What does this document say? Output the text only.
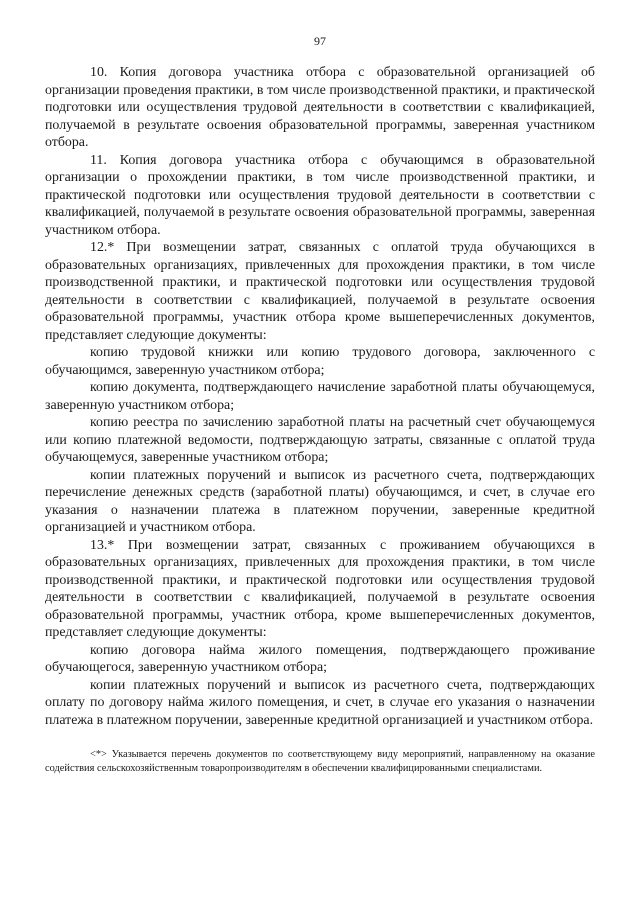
97

10. Копия договора участника отбора с образовательной организацией об организации проведения практики, в том числе производственной практики, и практической подготовки или осуществления трудовой деятельности в соответствии с квалификацией, получаемой в результате освоения образовательной программы, заверенная участником отбора.

11. Копия договора участника отбора с обучающимся в образовательной организации о прохождении практики, в том числе производственной практики, и практической подготовки или осуществления трудовой деятельности в соответствии с квалификацией, получаемой в результате освоения образовательной программы, заверенная участником отбора.

12.* При возмещении затрат, связанных с оплатой труда обучающихся в образовательных организациях, привлеченных для прохождения практики, в том числе производственной практики, и практической подготовки или осуществления трудовой деятельности в соответствии с квалификацией, получаемой в результате освоения образовательной программы, участник отбора кроме вышеперечисленных документов, представляет следующие документы:

копию трудовой книжки или копию трудового договора, заключенного с обучающимся, заверенную участником отбора;

копию документа, подтверждающего начисление заработной платы обучающемуся, заверенную участником отбора;

копию реестра по зачислению заработной платы на расчетный счет обучающемуся или копию платежной ведомости, подтверждающую затраты, связанные с оплатой труда обучающемуся, заверенные участником отбора;

копии платежных поручений и выписок из расчетного счета, подтверждающих перечисление денежных средств (заработной платы) обучающимся, и счет, в случае его указания о назначении платежа в платежном поручении, заверенные кредитной организацией и участником отбора.

13.* При возмещении затрат, связанных с проживанием обучающихся в образовательных организациях, привлеченных для прохождения практики, в том числе производственной практики, и практической подготовки или осуществления трудовой деятельности в соответствии с квалификацией, получаемой в результате освоения образовательной программы, участник отбора, кроме вышеперечисленных документов, представляет следующие документы:

копию договора найма жилого помещения, подтверждающего проживание обучающегося, заверенную участником отбора;

копии платежных поручений и выписок из расчетного счета, подтверждающих оплату по договору найма жилого помещения, и счет, в случае его указания о назначении платежа в платежном поручении, заверенные кредитной организацией и участником отбора.

<*> Указывается перечень документов по соответствующему виду мероприятий, направленному на оказание содействия сельскохозяйственным товаропроизводителям в обеспечении квалифицированными специалистами.
